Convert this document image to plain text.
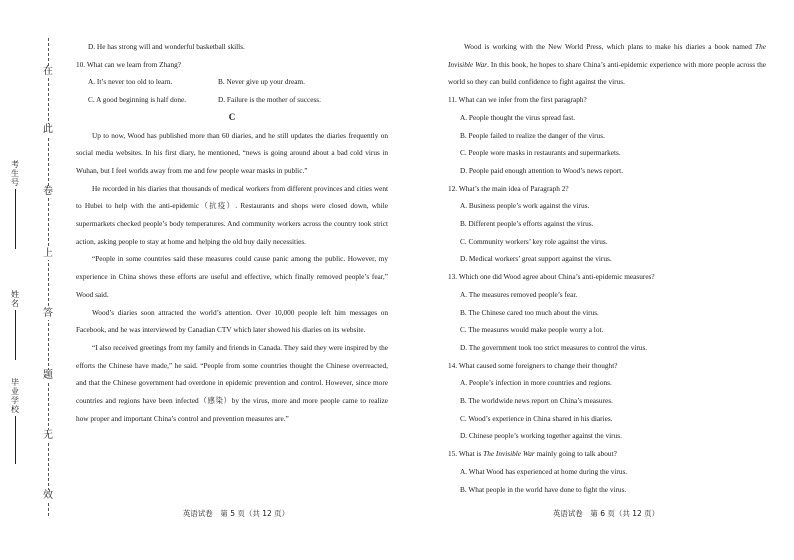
在
此
卷
上
答
题
无
效
考生号
姓名
毕业学校

D. He has strong will and wonderful basketball skills.

10. What can we learn from Zhang?

A. It’s never too old to learn.	B. Never give up your dream.
C. A good beginning is half done.	D. Failure is the mother of success.

C

Up to now, Wood has published more than 60 diaries, and he still updates the diaries frequently on social media websites. In his first diary, he mentioned, “news is going around about a bad cold virus in Wuhan, but I feel worlds away from me and few people wear masks in public.”

He recorded in his diaries that thousands of medical workers from different provinces and cities went to Hubei to help with the anti-epidemic（抗疫）. Restaurants and shops were closed down, while supermarkets checked people’s body temperatures. And community workers across the country took strict action, asking people to stay at home and helping the old buy daily necessities.

“People in some countries said these measures could cause panic among the public. However, my experience in China shows these efforts are useful and effective, which finally removed people’s fear,” Wood said.

Wood’s diaries soon attracted the world’s attention. Over 10,000 people left him messages on Facebook, and he was interviewed by Canadian CTV which later showed his diaries on its website.

“I also received greetings from my family and friends in Canada. They said they were inspired by the efforts the Chinese have made,” he said. “People from some countries thought the Chinese overreacted, and that the Chinese government had overdone in epidemic prevention and control. However, since more countries and regions have been infected（感染）by the virus, more and more people came to realize how proper and important China’s control and prevention measures are.”

英语试卷　第 5 页（共 12 页）

Wood is working with the New World Press, which plans to make his diaries a book named The Invisible War. In this book, he hopes to share China’s anti-epidemic experience with more people across the world so they can build confidence to fight against the virus.

11. What can we infer from the first paragraph?

A. People thought the virus spread fast.

B. People failed to realize the danger of the virus.

C. People wore masks in restaurants and supermarkets.

D. People paid enough attention to Wood’s news report.

12. What’s the main idea of Paragraph 2?

A. Business people’s work against the virus.

B. Different people’s efforts against the virus.

C. Community workers’ key role against the virus.

D. Medical workers’ great support against the virus.

13. Which one did Wood agree about China’s anti-epidemic measures?

A. The measures removed people’s fear.

B. The Chinese cared too much about the virus.

C. The measures would make people worry a lot.

D. The government took too strict measures to control the virus.

14. What caused some foreigners to change their thought?

A. People’s infection in more countries and regions.

B. The worldwide news report on China’s measures.

C. Wood’s experience in China shared in his diaries.

D. Chinese people’s working together against the virus.

15. What is The Invisible War mainly going to talk about?

A. What Wood has experienced at home during the virus.

B. What people in the world have done to fight the virus.

英语试卷　第 6 页（共 12 页）
